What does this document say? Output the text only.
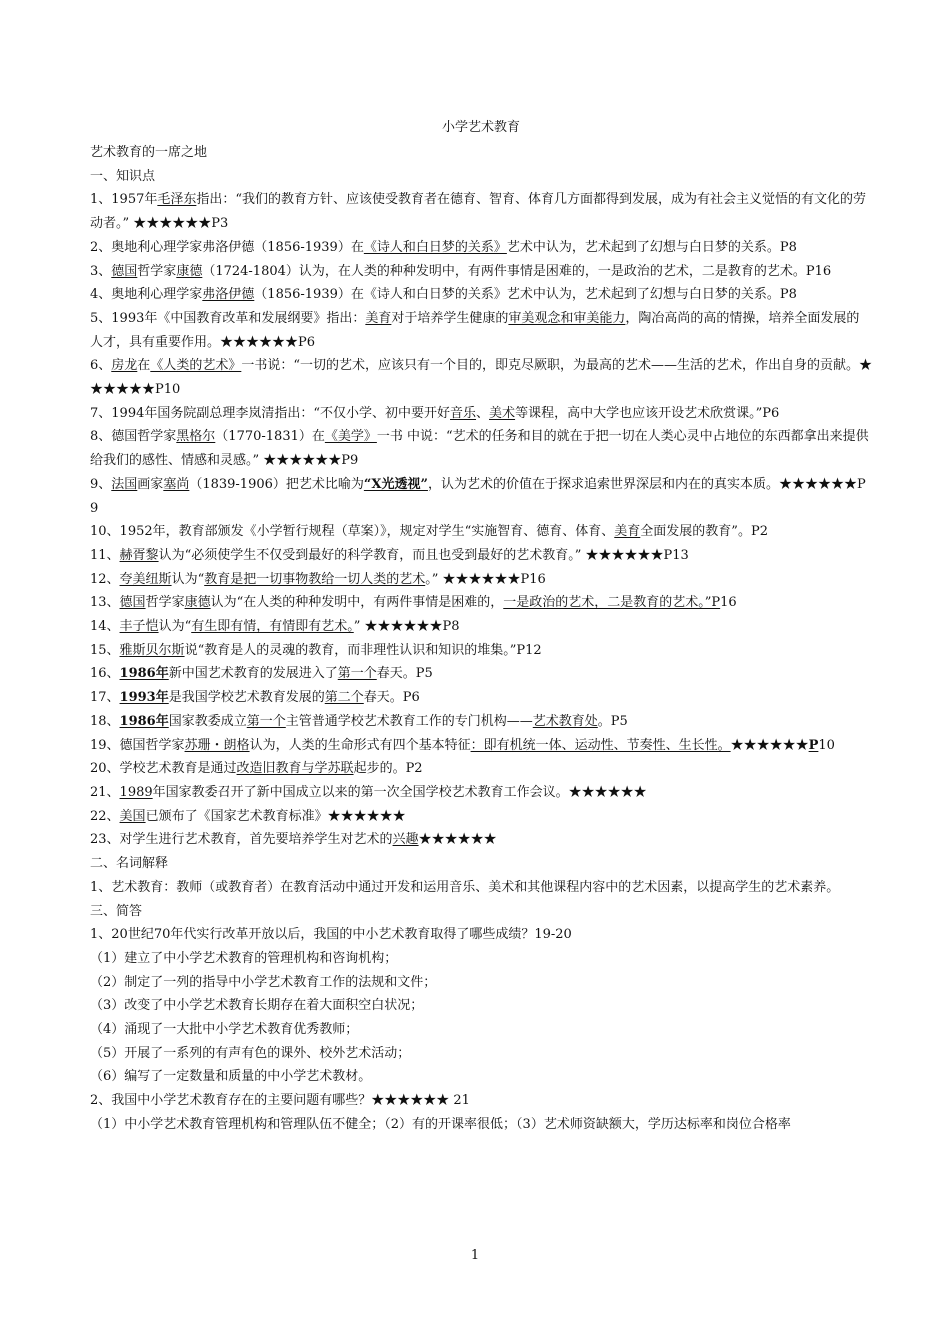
小学艺术教育
艺术教育的一席之地
一、知识点
1、1957年毛泽东指出：“我们的教育方针、应该使受教育者在德育、智育、体育几方面都得到发展，成为有社会主义觉悟的有文化的劳动者。” ★★★★★★P3
2、奥地利心理学家弗洛伊德（1856-1939）在《诗人和白日梦的关系》艺术中认为，艺术起到了幻想与白日梦的关系。P8
3、德国哲学家康德（1724-1804）认为，在人类的种种发明中，有两件事情是困难的，一是政治的艺术，二是教育的艺术。P16
4、奥地利心理学家弗洛伊德（1856-1939）在《诗人和白日梦的关系》艺术中认为，艺术起到了幻想与白日梦的关系。P8
5、1993年《中国教育改革和发展纲要》指出：美育对于培养学生健康的审美观念和审美能力，陶冶高尚的高的情操，培养全面发展的人才，具有重要作用。★★★★★★P6
6、房龙在《人类的艺术》一书说：“一切的艺术，应该只有一个目的，即克尽厥职，为最高的艺术——生活的艺术，作出自身的贡献。★★★★★★P10
7、1994年国务院副总理李岚清指出：“不仅小学、初中要开好音乐、美术等课程，高中大学也应该开设艺术欣赏课。”P6
8、德国哲学家黑格尔（1770-1831）在《美学》一书 中说：“艺术的任务和目的就在于把一切在人类心灵中占地位的东西都拿出来提供给我们的感性、情感和灵感。” ★★★★★★P9
9、法国画家塞尚（1839-1906）把艺术比喻为“X光透视”，认为艺术的价值在于探求追索世界深层和内在的真实本质。★★★★★★P9
10、1952年，教育部颁发《小学暂行规程（草案）》，规定对学生“实施智育、德育、体育、美育全面发展的教育”。P2
11、赫胥黎认为“必须使学生不仅受到最好的科学教育，而且也受到最好的艺术教育。” ★★★★★★P13
12、夸美纽斯认为“教育是把一切事物教给一切人类的艺术。” ★★★★★★P16
13、德国哲学家康德认为“在人类的种种发明中，有两件事情是困难的，一是政治的艺术，二是教育的艺术。”P16
14、丰子恺认为“有生即有情，有情即有艺术。” ★★★★★★P8
15、雅斯贝尔斯说“教育是人的灵魂的教育，而非理性认识和知识的堆集。”P12
16、1986年新中国艺术教育的发展进入了第一个春天。P5
17、1993年是我国学校艺术教育发展的第二个春天。P6
18、1986年国家教委成立第一个主管普通学校艺术教育工作的专门机构——艺术教育处。P5
19、德国哲学家苏珊・朗格认为，人类的生命形式有四个基本特征：即有机统一体、运动性、节奏性、生长性。★★★★★★P10
20、学校艺术教育是通过改造旧教育与学苏联起步的。P2
21、1989年国家教委召开了新中国成立以来的第一次全国学校艺术教育工作会议。★★★★★★
22、美国已颁布了《国家艺术教育标准》★★★★★★
23、对学生进行艺术教育，首先要培养学生对艺术的兴趣★★★★★★
二、名词解释
1、艺术教育：教师（或教育者）在教育活动中通过开发和运用音乐、美术和其他课程内容中的艺术因素，以提高学生的艺术素养。
三、简答
1、20世纪70年代实行改革开放以后，我国的中小艺术教育取得了哪些成绩？19-20
（1）建立了中小学艺术教育的管理机构和咨询机构；
（2）制定了一列的指导中小学艺术教育工作的法规和文件；
（3）改变了中小学艺术教育长期存在着大面积空白状况；
（4）涌现了一大批中小学艺术教育优秀教师；
（5）开展了一系列的有声有色的课外、校外艺术活动；
（6）编写了一定数量和质量的中小学艺术教材。
2、我国中小学艺术教育存在的主要问题有哪些？★★★★★★ 21
（1）中小学艺术教育管理机构和管理队伍不健全；（2）有的开课率很低；（3）艺术师资缺额大，学历达标率和岗位合格率
1
